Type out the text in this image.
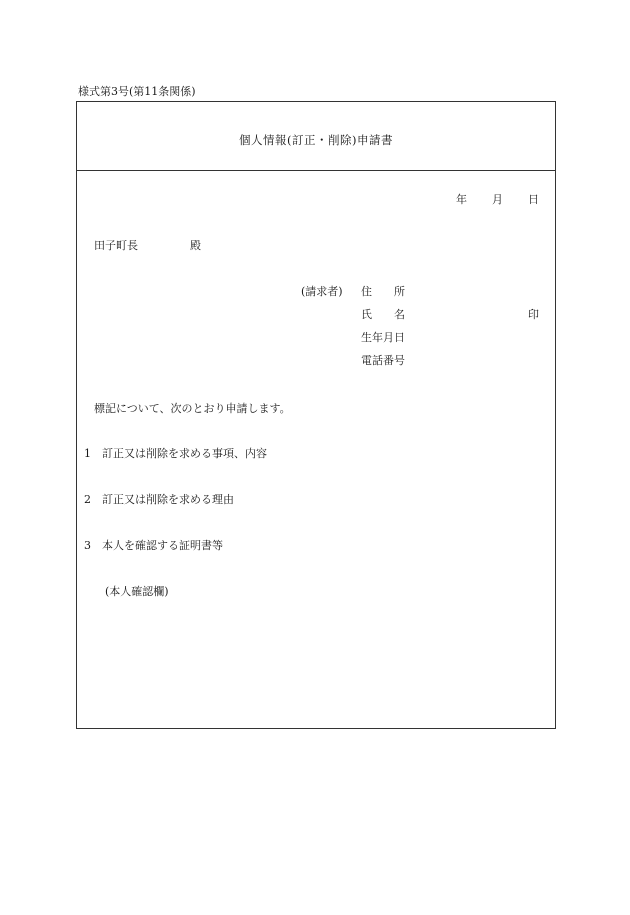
様式第3号(第11条関係)
個人情報(訂正・削除)申請書
年 月 日
田子町長	殿
(請求者) 住所
氏名	印
生年月日
電話番号
標記について、次のとおり申請します。
1 訂正又は削除を求める事項、内容
2 訂正又は削除を求める理由
3 本人を確認する証明書等
(本人確認欄)
